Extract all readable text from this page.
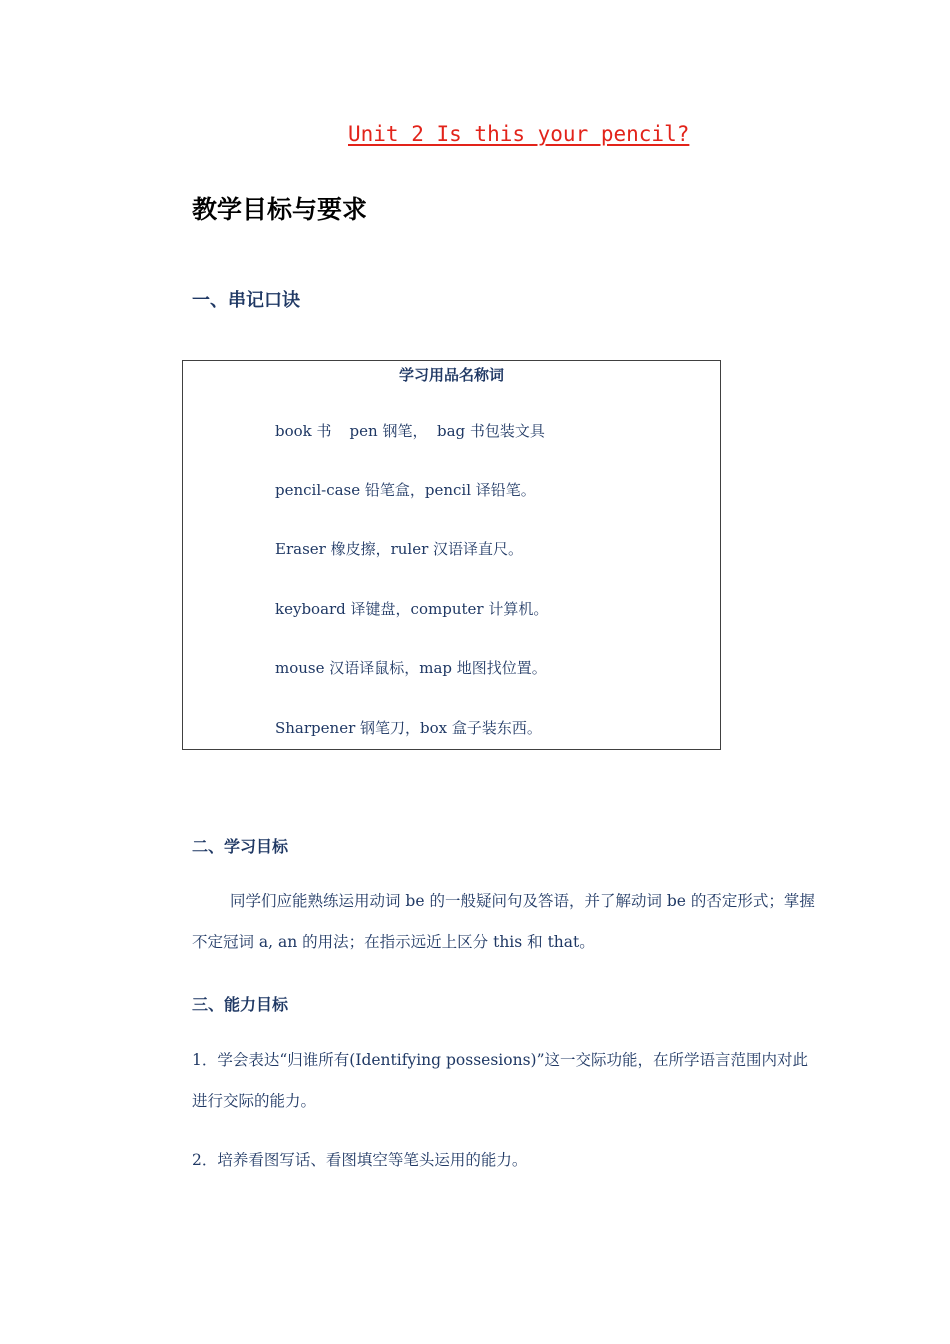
Unit 2 Is this your pencil?
教学目标与要求
一、串记口诀
学习用品名称词
book 书 pen 钢笔， bag 书包装文具
pencil-case 铅笔盒，pencil 译铅笔。
Eraser 橡皮擦，ruler 汉语译直尺。
keyboard 译键盘，computer 计算机。
mouse 汉语译鼠标，map 地图找位置。
Sharpener 钢笔刀，box 盒子装东西。
二、学习目标

同学们应能熟练运用动词 be 的一般疑问句及答语，并了解动词 be 的否定形式；掌握不定冠词 a, an 的用法；在指示远近上区分 this 和 that。

三、能力目标

1．学会表达“归谁所有(Identifying possesions)”这一交际功能，在所学语言范围内对此进行交际的能力。

2．培养看图写话、看图填空等笔头运用的能力。
